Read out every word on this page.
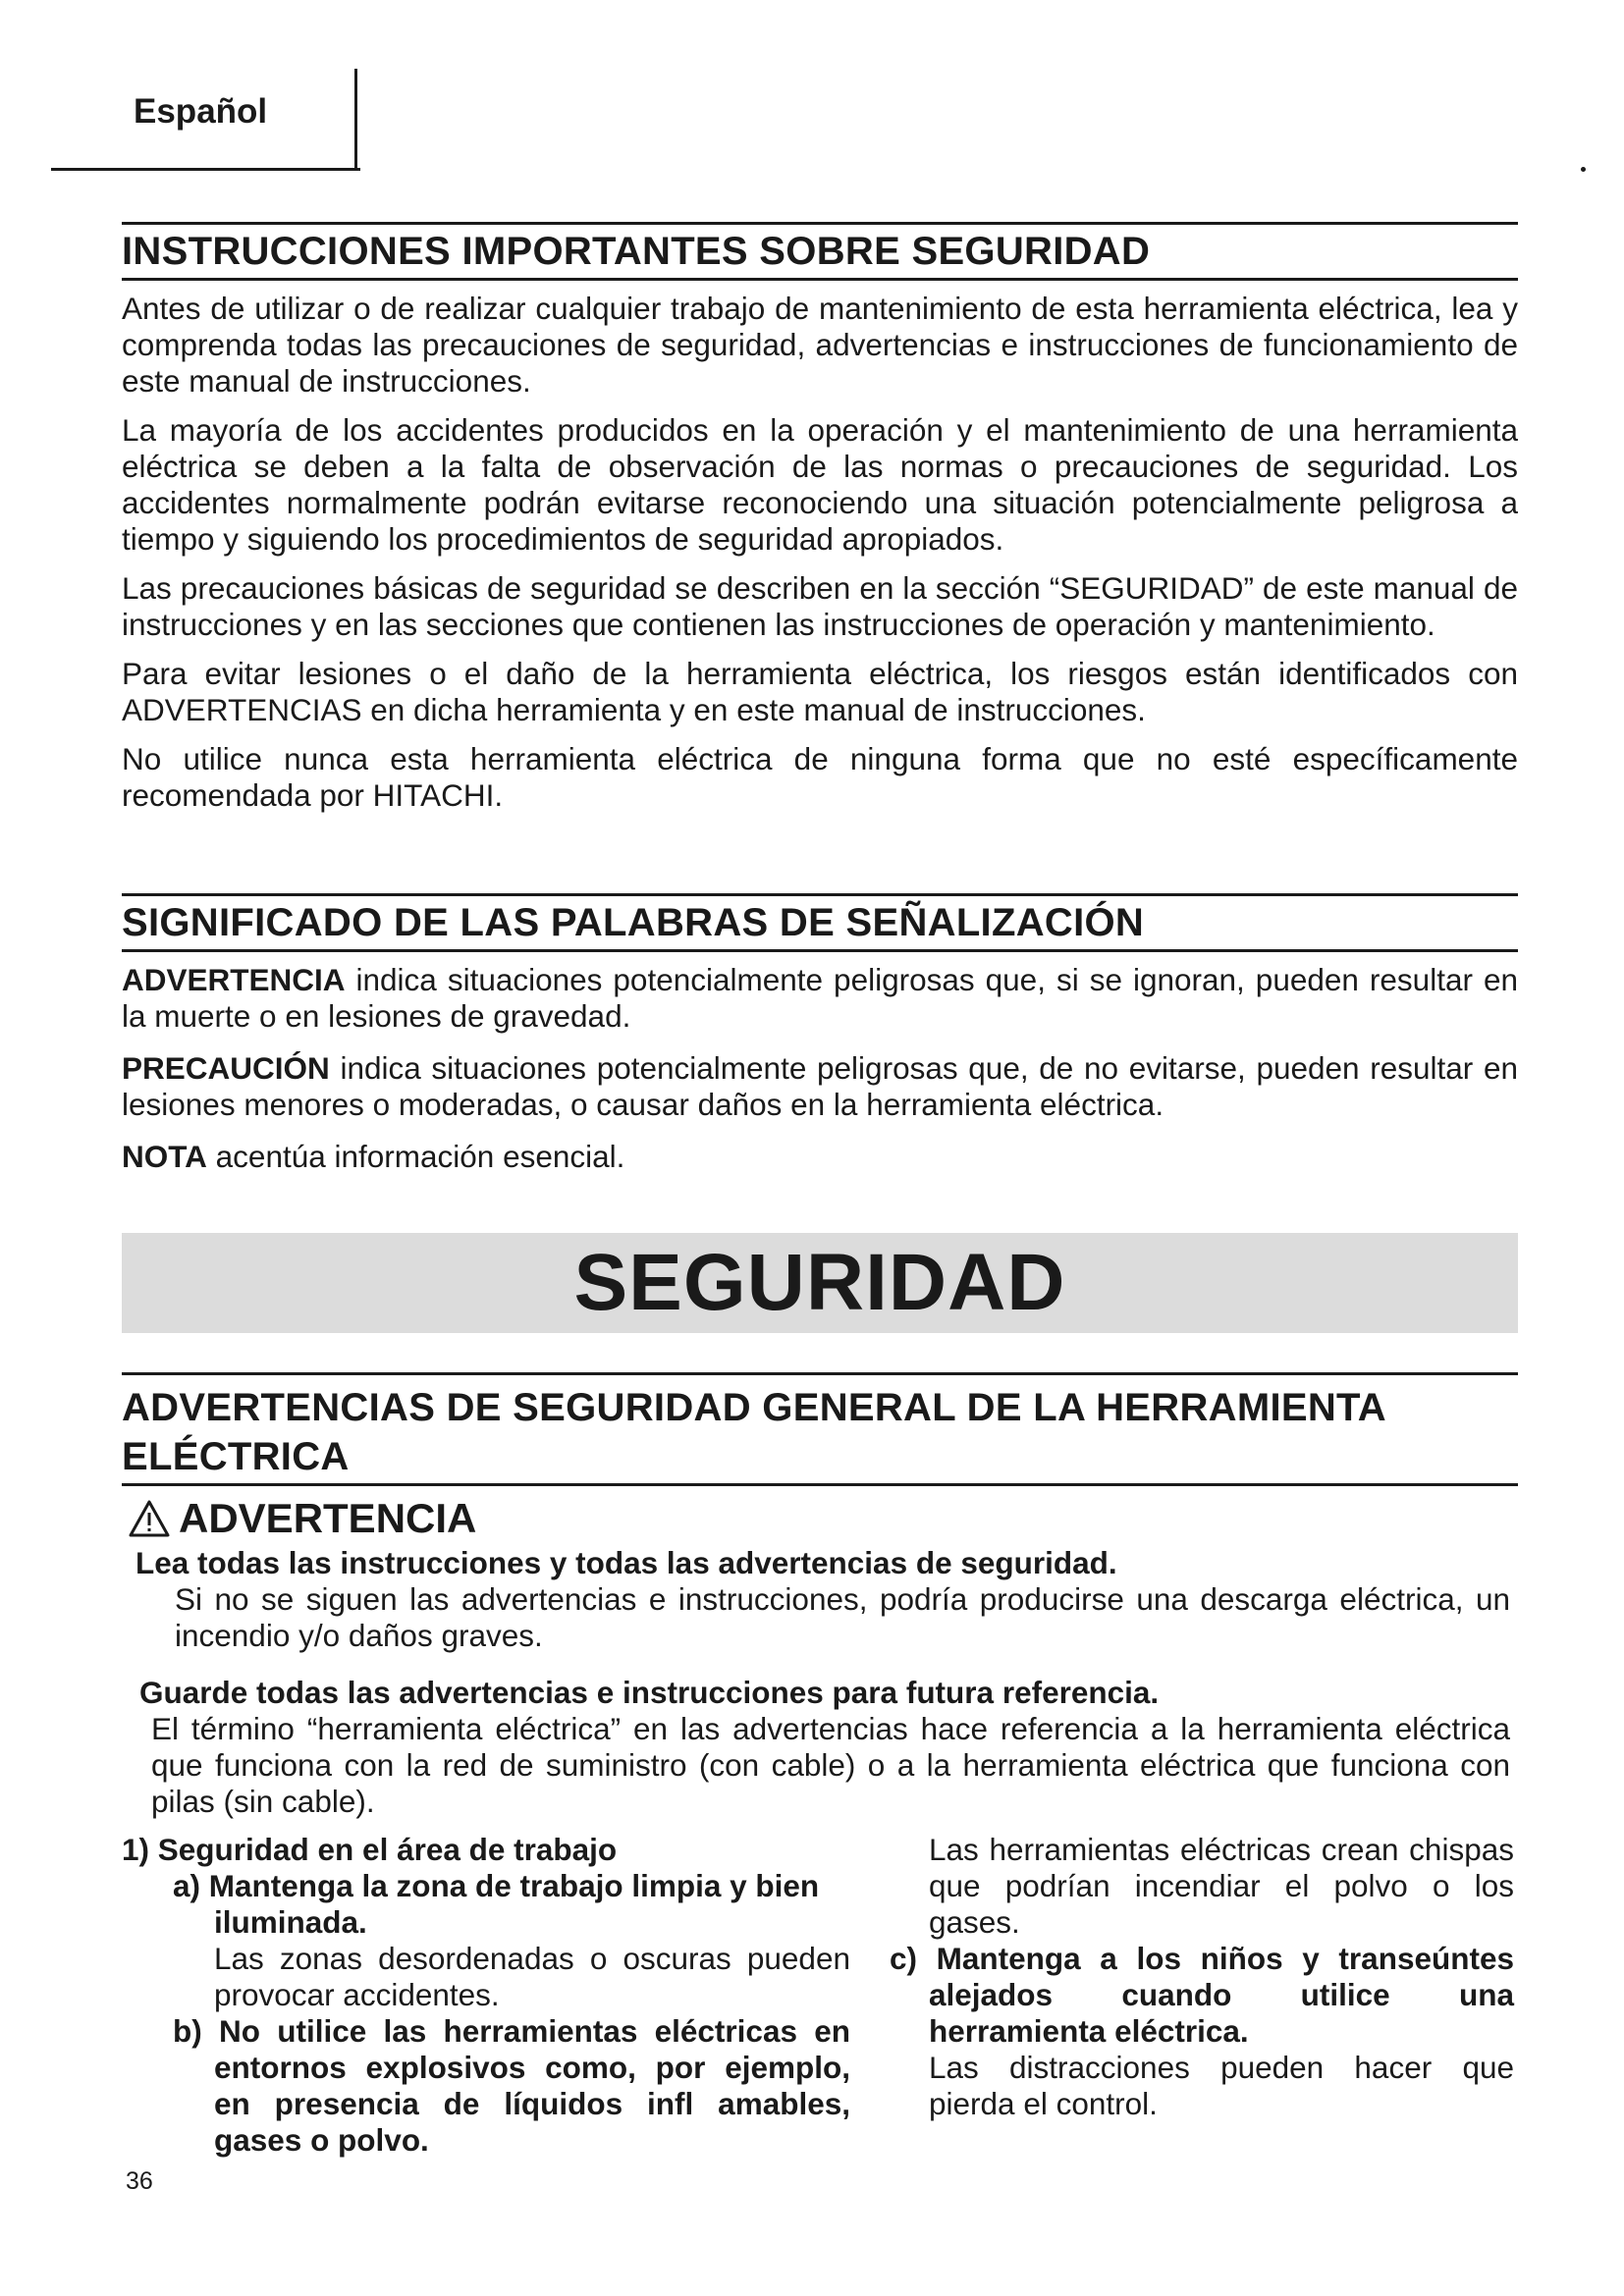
Español
INSTRUCCIONES IMPORTANTES SOBRE SEGURIDAD

Antes de utilizar o de realizar cualquier trabajo de mantenimiento de esta herramienta eléctrica, lea y comprenda todas las precauciones de seguridad, advertencias e instrucciones de funcionamiento de este manual de instrucciones.

La mayoría de los accidentes producidos en la operación y el mantenimiento de una herramienta eléctrica se deben a la falta de observación de las normas o precauciones de seguridad. Los accidentes normalmente podrán evitarse reconociendo una situación potencialmente peligrosa a tiempo y siguiendo los procedimientos de seguridad apropiados.

Las precauciones básicas de seguridad se describen en la sección “SEGURIDAD” de este manual de instrucciones y en las secciones que contienen las instrucciones de operación y mantenimiento.

Para evitar lesiones o el daño de la herramienta eléctrica, los riesgos están identificados con ADVERTENCIAS en dicha herramienta y en este manual de instrucciones.

No utilice nunca esta herramienta eléctrica de ninguna forma que no esté específicamente recomendada por HITACHI.

SIGNIFICADO DE LAS PALABRAS DE SEÑALIZACIÓN

ADVERTENCIA indica situaciones potencialmente peligrosas que, si se ignoran, pueden resultar en la muerte o en lesiones de gravedad.

PRECAUCIÓN indica situaciones potencialmente peligrosas que, de no evitarse, pueden resultar en lesiones menores o moderadas, o causar daños en la herramienta eléctrica.

NOTA acentúa información esencial.

SEGURIDAD
ADVERTENCIAS DE SEGURIDAD GENERAL DE LA HERRAMIENTA
ELÉCTRICA
ADVERTENCIA

Lea todas las instrucciones y todas las advertencias de seguridad.

Si no se siguen las advertencias e instrucciones, podría producirse una descarga eléctrica, un incendio y/o daños graves.

Guarde todas las advertencias e instrucciones para futura referencia.

El término “herramienta eléctrica” en las advertencias hace referencia a la herramienta eléctrica que funciona con la red de suministro (con cable) o a la herramienta eléctrica que funciona con pilas (sin cable).

1) Seguridad en el área de trabajo

a) Mantenga la zona de trabajo limpia y bien iluminada.

Las zonas desordenadas o oscuras pueden provocar accidentes.

b) No utilice las herramientas eléctricas en entornos explosivos como, por ejemplo, en presencia de líquidos infl amables, gases o polvo.

Las herramientas eléctricas crean chispas que podrían incendiar el polvo o los gases.

c) Mantenga a los niños y transeúntes alejados cuando utilice una herramienta eléctrica.

Las distracciones pueden hacer que pierda el control.

36
